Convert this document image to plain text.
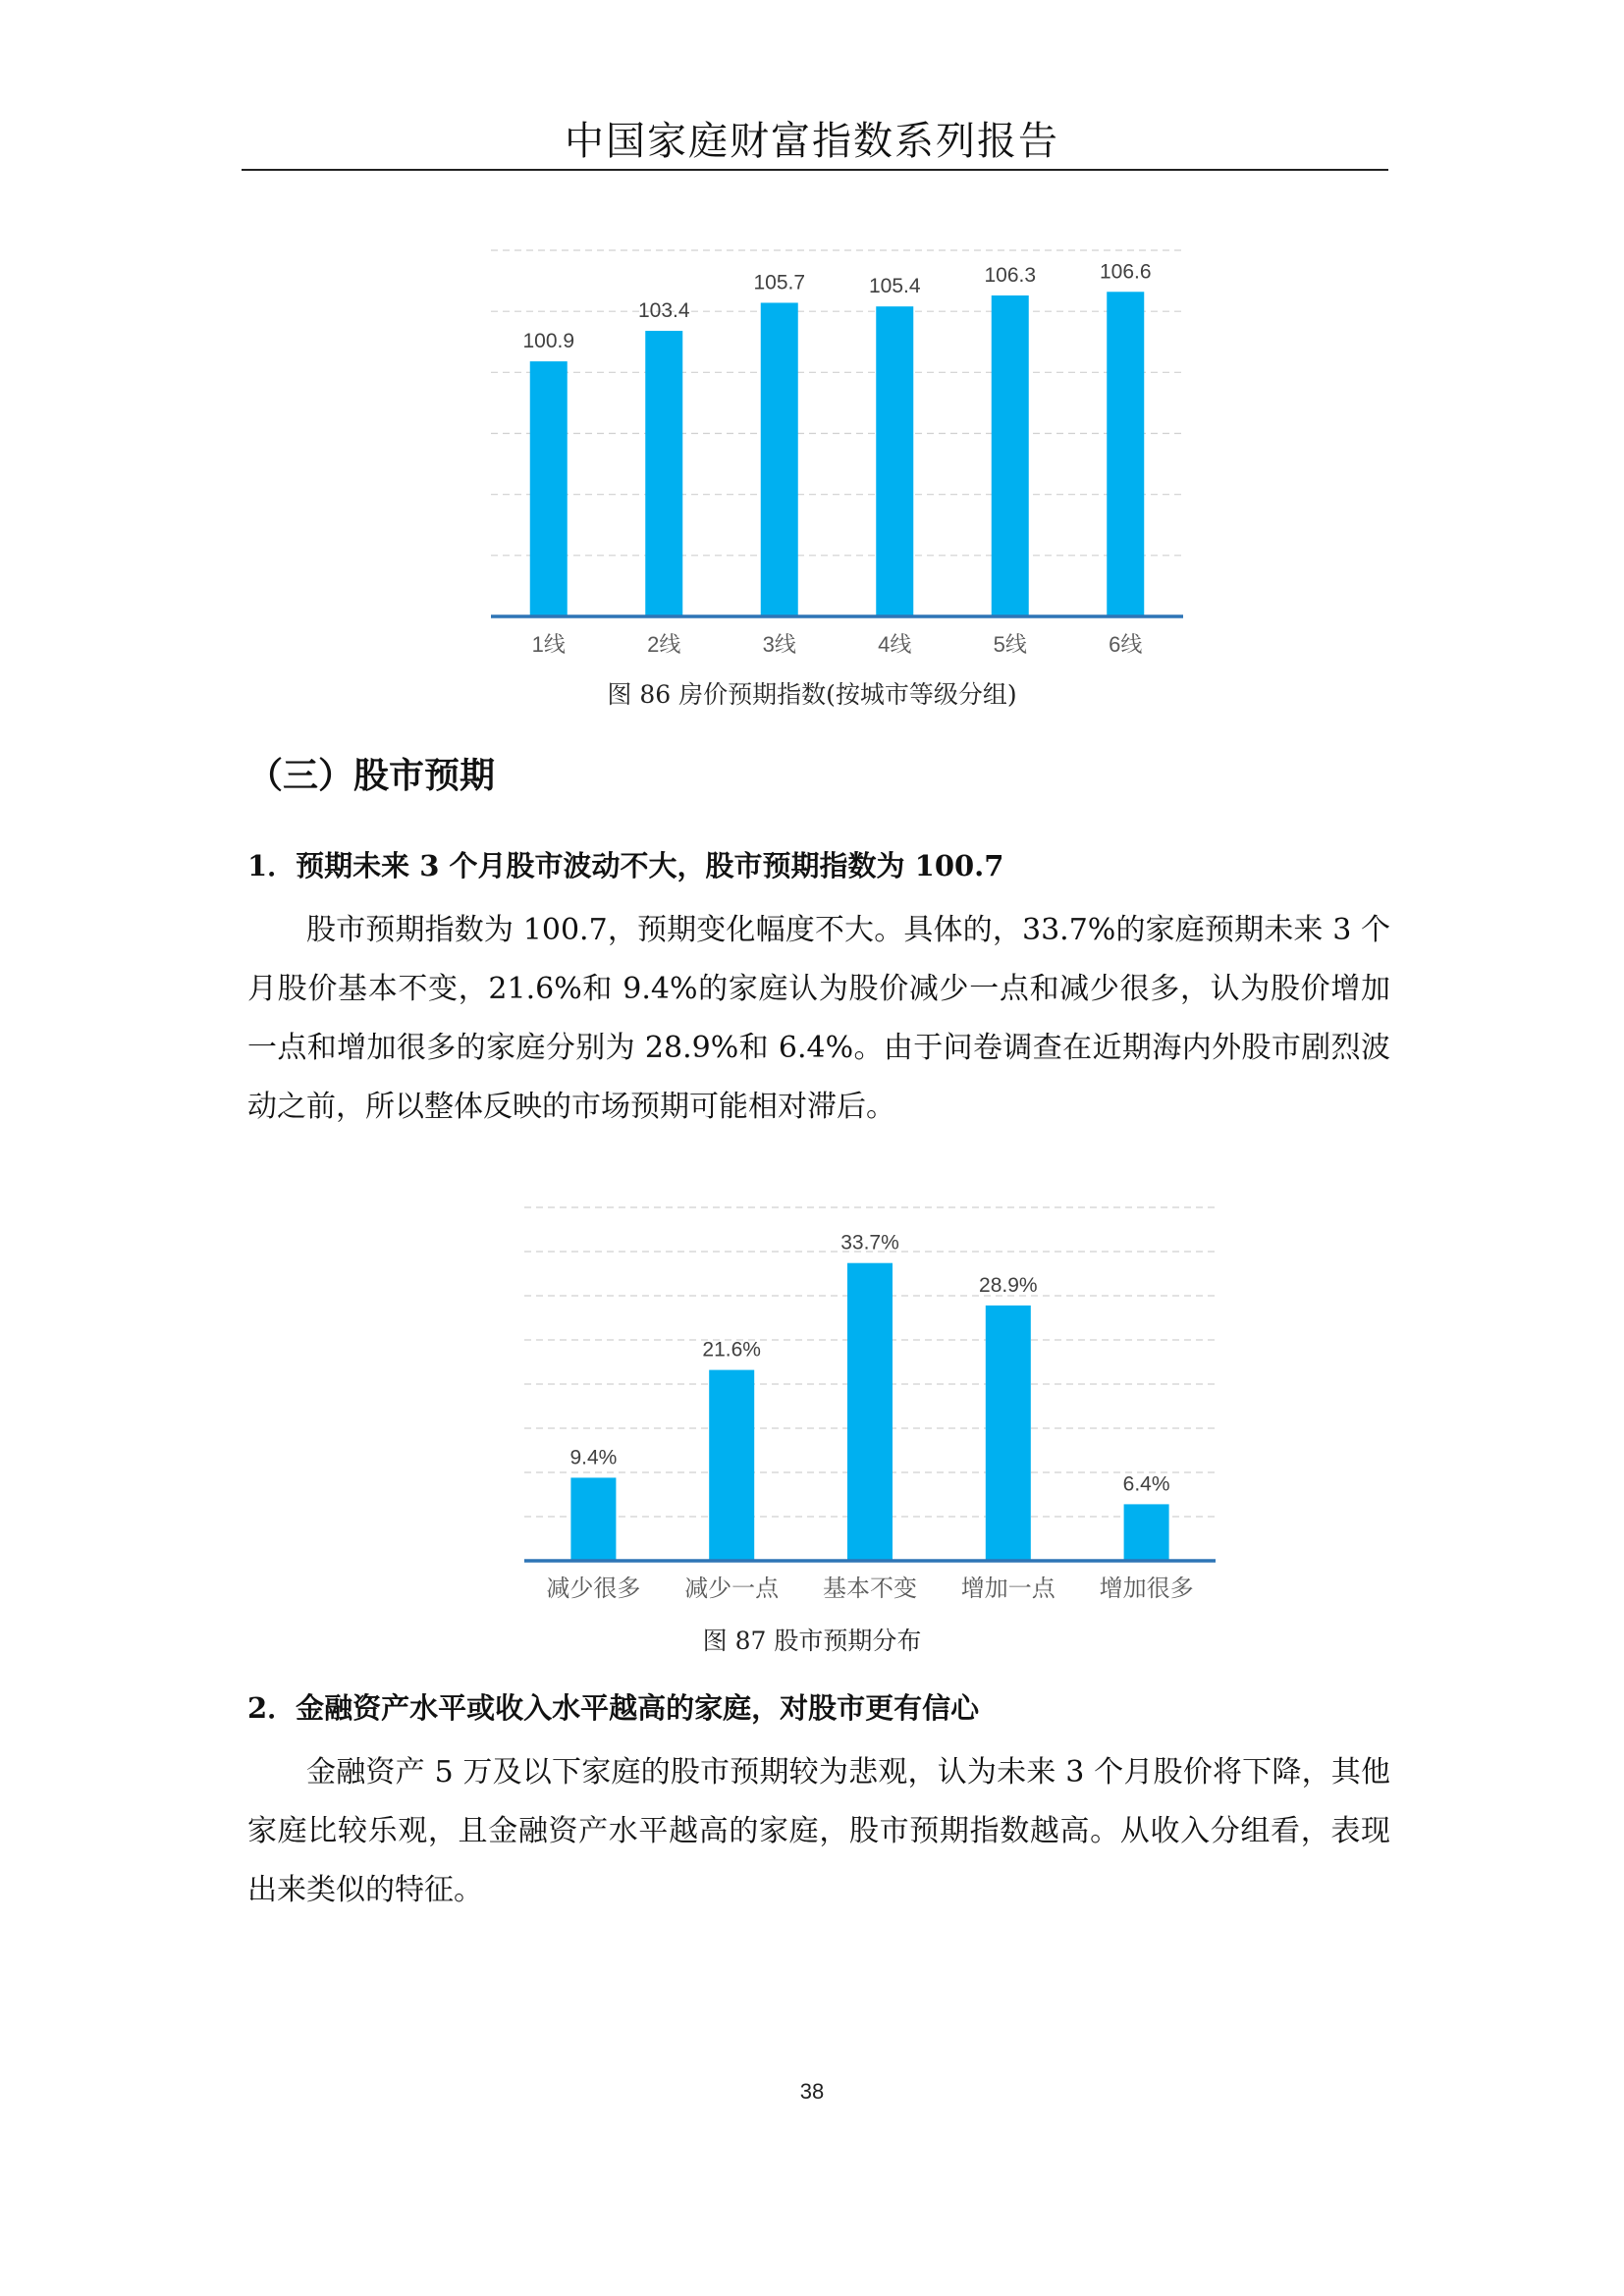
中国家庭财富指数系列报告
100.9
1线
103.4
2线
105.7
3线
105.4
4线
106.3
5线
106.6
6线
图 86 房价预期指数(按城市等级分组)
（三）股市预期
1．预期未来 3 个月股市波动不大，股市预期指数为 100.7

股市预期指数为 100.7，预期变化幅度不大。具体的，33.7%的家庭预期未来 3 个月股价基本不变，21.6%和 9.4%的家庭认为股价减少一点和减少很多，认为股价增加一点和增加很多的家庭分别为 28.9%和 6.4%。由于问卷调查在近期海内外股市剧烈波动之前，所以整体反映的市场预期可能相对滞后。

9.4%
减少很多
21.6%
减少一点
33.7%
基本不变
28.9%
增加一点
6.4%
增加很多
图 87 股市预期分布
2．金融资产水平或收入水平越高的家庭，对股市更有信心

金融资产 5 万及以下家庭的股市预期较为悲观，认为未来 3 个月股价将下降，其他家庭比较乐观，且金融资产水平越高的家庭，股市预期指数越高。从收入分组看，表现出来类似的特征。

38
